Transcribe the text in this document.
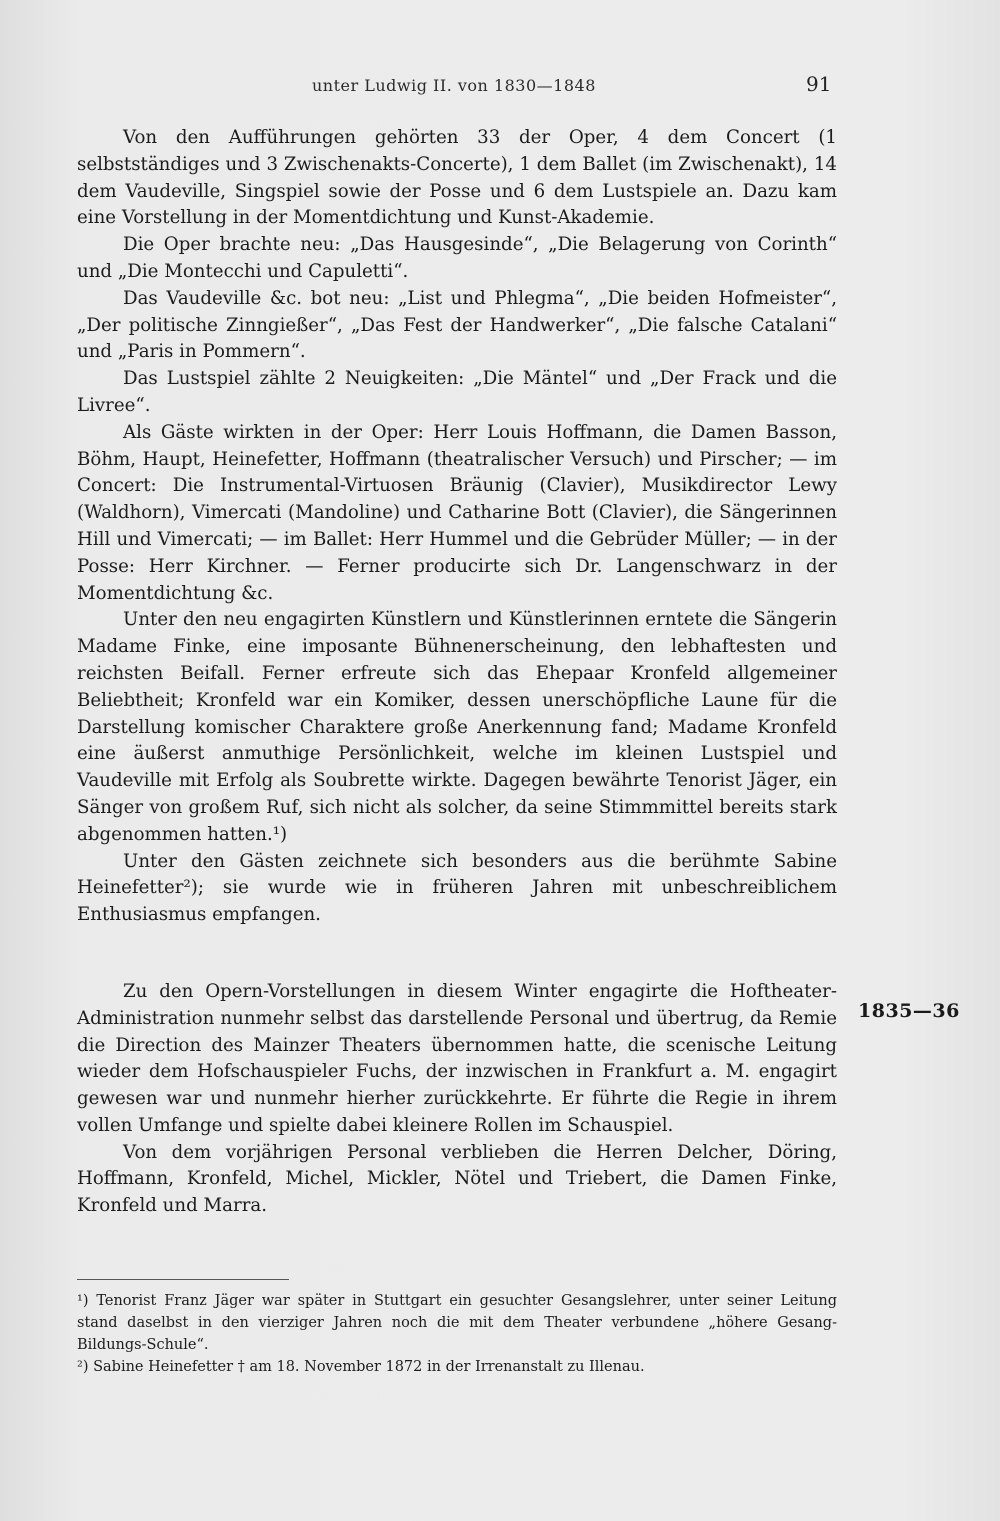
unter Ludwig II. von 1830—1848	91

Von den Aufführungen gehörten 33 der Oper, 4 dem Concert (1 selbstständiges und 3 Zwischenakts-Concerte), 1 dem Ballet (im Zwischenakt), 14 dem Vaudeville, Singspiel sowie der Posse und 6 dem Lustspiele an. Dazu kam eine Vorstellung in der Momentdichtung und Kunst-Akademie.

Die Oper brachte neu: „Das Hausgesinde“, „Die Belagerung von Corinth“ und „Die Montecchi und Capuletti“.

Das Vaudeville &c. bot neu: „List und Phlegma“, „Die beiden Hofmeister“, „Der politische Zinngießer“, „Das Fest der Handwerker“, „Die falsche Catalani“ und „Paris in Pommern“.

Das Lustspiel zählte 2 Neuigkeiten: „Die Mäntel“ und „Der Frack und die Livree“.

Als Gäste wirkten in der Oper: Herr Louis Hoffmann, die Damen Basson, Böhm, Haupt, Heinefetter, Hoffmann (theatralischer Versuch) und Pirscher; — im Concert: Die Instrumental-Virtuosen Bräunig (Clavier), Musikdirector Lewy (Waldhorn), Vimercati (Mandoline) und Catharine Bott (Clavier), die Sängerinnen Hill und Vimercati; — im Ballet: Herr Hummel und die Gebrüder Müller; — in der Posse: Herr Kirchner. — Ferner producirte sich Dr. Langenschwarz in der Momentdichtung &c.

Unter den neu engagirten Künstlern und Künstlerinnen erntete die Sängerin Madame Finke, eine imposante Bühnenerscheinung, den lebhaftesten und reichsten Beifall. Ferner erfreute sich das Ehepaar Kronfeld allgemeiner Beliebtheit; Kronfeld war ein Komiker, dessen unerschöpfliche Laune für die Darstellung komischer Charaktere große Anerkennung fand; Madame Kronfeld eine äußerst anmuthige Persönlichkeit, welche im kleinen Lustspiel und Vaudeville mit Erfolg als Soubrette wirkte. Dagegen bewährte Tenorist Jäger, ein Sänger von großem Ruf, sich nicht als solcher, da seine Stimmmittel bereits stark abgenommen hatten.¹)

Unter den Gästen zeichnete sich besonders aus die berühmte Sabine Heinefetter²); sie wurde wie in früheren Jahren mit unbeschreiblichem Enthusiasmus empfangen.

Zu den Opern-Vorstellungen in diesem Winter engagirte die Hoftheater-Administration nunmehr selbst das darstellende Personal und übertrug, da Remie die Direction des Mainzer Theaters übernommen hatte, die scenische Leitung wieder dem Hofschauspieler Fuchs, der inzwischen in Frankfurt a. M. engagirt gewesen war und nunmehr hierher zurückkehrte. Er führte die Regie in ihrem vollen Umfange und spielte dabei kleinere Rollen im Schauspiel.

Von dem vorjährigen Personal verblieben die Herren Delcher, Döring, Hoffmann, Kronfeld, Michel, Mickler, Nötel und Triebert, die Damen Finke, Kronfeld und Marra.

1835—36

¹) Tenorist Franz Jäger war später in Stuttgart ein gesuchter Gesangslehrer, unter seiner Leitung stand daselbst in den vierziger Jahren noch die mit dem Theater verbundene „höhere Gesang-Bildungs-Schule“.

²) Sabine Heinefetter † am 18. November 1872 in der Irrenanstalt zu Illenau.
